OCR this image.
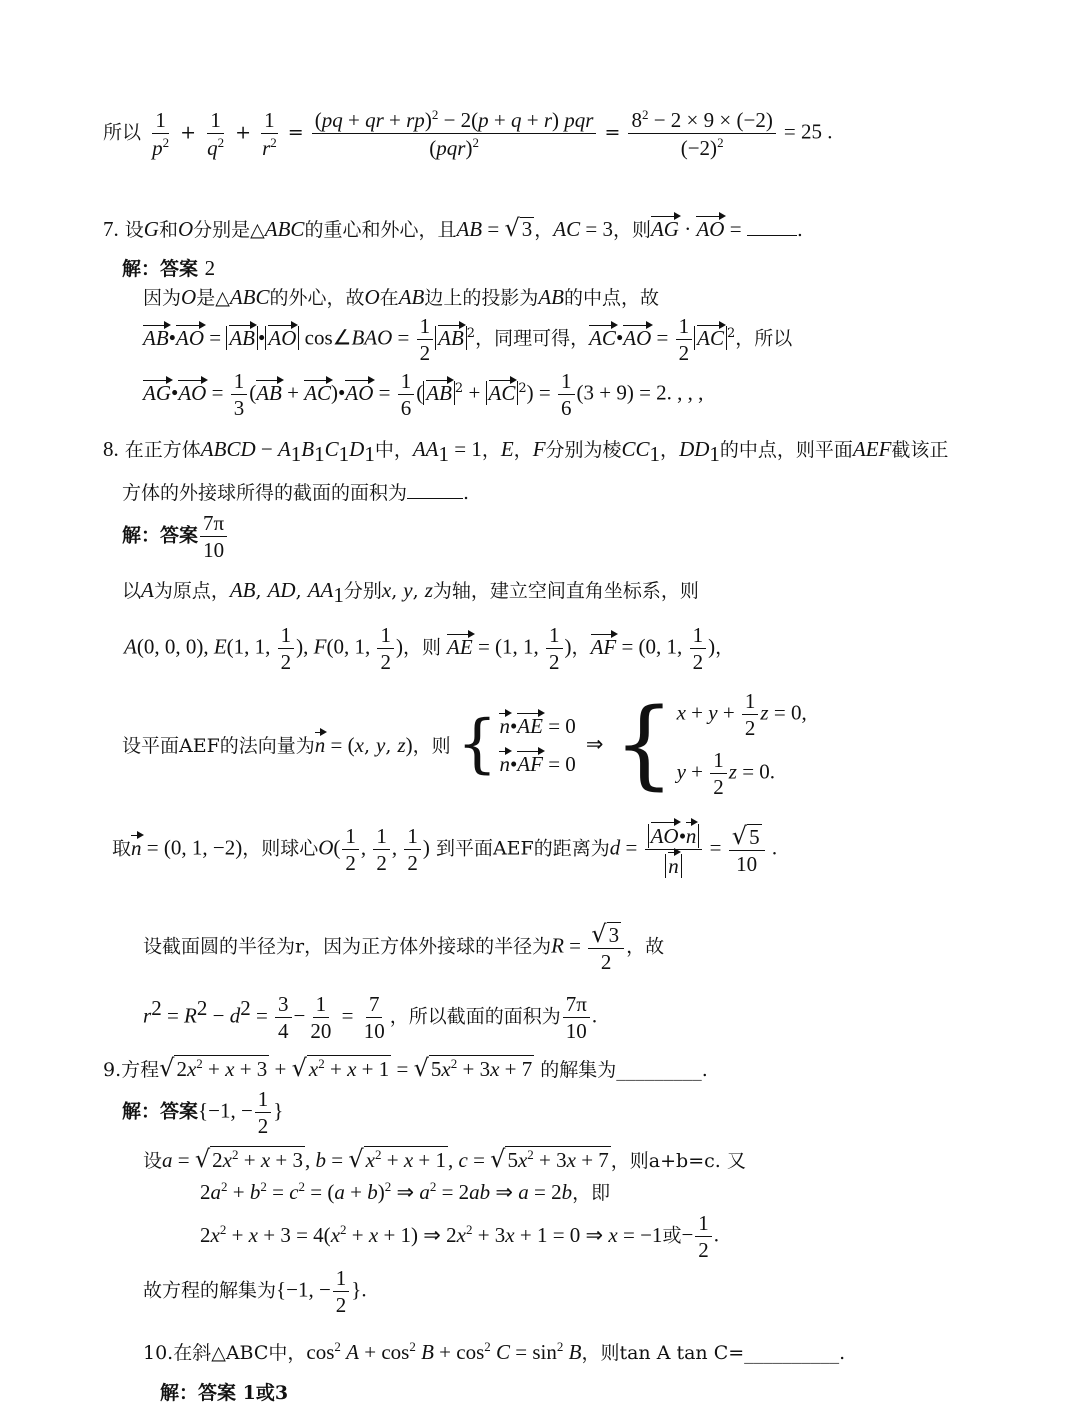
所以 $\frac{1}{p^2} + \frac{1}{q^2} + \frac{1}{r^2} = \frac{(pq + qr + rp)^2 - 2(p + q + r) pqr}{(pqr)^2} = \frac{8^2 - 2 \times 9 \times (-2)}{(-2)^2} = 25$ .
7. 设G和O分别是△ABC的重心和外心，且AB = √ 3 ，AC = 3，则AG · AO =	.
解：答案 2
因为O是△ABC的外心，故O在AB边上的投影为AB的中点，故
AB•AO = AB • AO cos∠BAO = $\frac{1}{2}$ AB $^2$，同理可得，AC•AO = $\frac{1}{2}$ AC $^2$，所以
AG•AO = $\frac{1}{3} (AB$ + AC)•AO = $\frac{1}{6}$ ( AB $^2$ + AC $^2) = \frac{1}{6} (3 + 9) = 2$. , , ,
8. 在正方体ABCD − $A_1B_1C_1D_1$中，$AA_1 = 1$，E，F分别为棱$CC_1$，$DD_1$的中点，则平面AEF截该正
方体的外接球所得的截面的面积为	.
解：答案 $\frac{7\pi}{10}$
以A为原点，AB, AD, $AA_1$分别x, y, z为轴，建立空间直角坐标系，则
A(0, 0, 0), E(1, 1, $\frac{1}{2}$ ), F(0, 1, $\frac{1}{2}$ )，则 AE = (1, 1, $\frac{1}{2}$ )，AF = (0, 1, $\frac{1}{2}$ )，
设平面AEF的法向量为n = (x, y, z)，则 { n•AE = 0
n•AF = 0
⇒ { $x + y + \frac{1}{2}$ z = 0,
$y + \frac{1}{2}$ z = 0.
取n = (0, 1, −2)，则球心$O( \frac{1}{2}$ , $\frac{1}{2}$ , $\frac{1}{2}$ ) 到平面AEF的距离为$d = \frac{AO•n}{n} = \frac{√ 5}{10}$ .
设截面圆的半径为r，因为正方体外接球的半径为$R = \frac{√ 3}{2}$ ，故
$r^2 = R^2 - d^2 = \frac{3}{4} - \frac{1}{20} = \frac{7}{10}$ ，所以截面的面积为 $\frac{7\pi}{10}$ .
9.方程 √ $2x^2 + x + 3$ + √ $x^2 + x + 1$ = √ $5x^2 + 3x + 7$ 的解集为_________.
解：答案{−1, − $\frac{1}{2}$ }
设a = √ $2x^2 + x + 3$ , b = √ $x^2 + x + 1$ , c = √ $5x^2 + 3x + 7$ ，则a+b=c. 又
$2a^2 + b^2 = c^2 = (a + b)^2$ ⇒ $a^2 = 2ab$ ⇒ a = 2b，即
$2x^2 + x + 3 = 4(x^2 + x + 1)$ ⇒ $2x^2 + 3x + 1 = 0$ ⇒ x = −1或− $\frac{1}{2}$ .
故方程的解集为{−1, − $\frac{1}{2}$ }.
10.在斜△ABC中，$\cos^2 A + \cos^2 B + \cos^2 C = \sin^2 B$，则tan A tan C=__________.
解：答案 1或3
